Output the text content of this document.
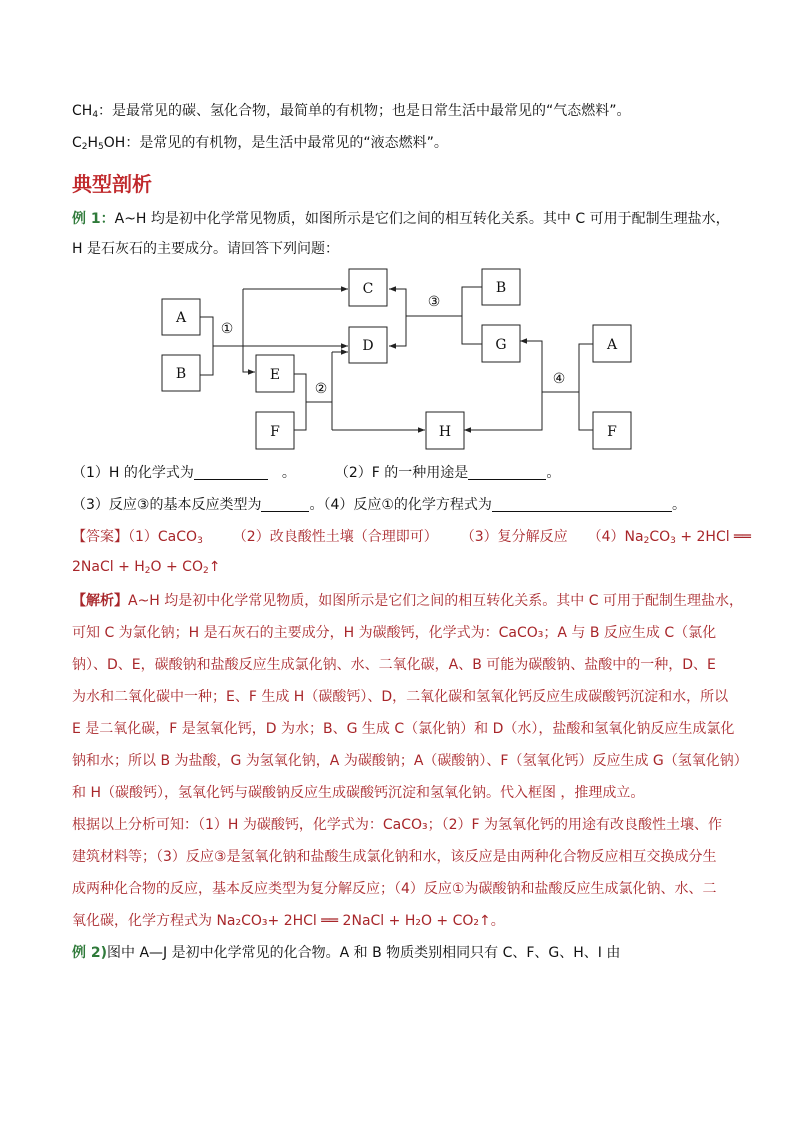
$CH_4$：是最常见的碳、氢化合物，最简单的有机物；也是日常生活中最常见的“气态燃料”。
$C_2H_5OH$：是常见的有机物，是生活中最常见的“液态燃料”。
典型剖析
例 1：A~H 均是初中化学常见物质，如图所示是它们之间的相互转化关系。其中 C 可用于配制生理盐水，
H 是石灰石的主要成分。请回答下列问题：
A
B
C
D
E
F	H
B
G	A
F
①
②
③
④
（1）H 的化学式为	。	（2）F 的一种用途是	。
（3）反应③的基本反应类型为	。（4）反应①的化学方程式为	。
【答案】（1）CaCO$_3$ （2）改良酸性土壤（合理即可） （3）复分解反应 $(4)Na_2CO_3 + 2HCl$ ══
2NaCl + $H_2O$ + $CO_2↑$
【解析】A~H 均是初中化学常见物质，如图所示是它们之间的相互转化关系。其中 C 可用于配制生理盐水，
可知 C 为氯化钠；H 是石灰石的主要成分，H 为碳酸钙，化学式为：CaCO₃；A 与 B 反应生成 C（氯化
钠）、D、E，碳酸钠和盐酸反应生成氯化钠、水、二氧化碳，A、B 可能为碳酸钠、盐酸中的一种，D、E
为水和二氧化碳中一种；E、F 生成 H（碳酸钙）、D，二氧化碳和氢氧化钙反应生成碳酸钙沉淀和水，所以
E 是二氧化碳，F 是氢氧化钙，D 为水；B、G 生成 C（氯化钠）和 D（水），盐酸和氢氧化钠反应生成氯化
钠和水；所以 B 为盐酸，G 为氢氧化钠，A 为碳酸钠；A（碳酸钠）、F（氢氧化钙）反应生成 G（氢氧化钠）
和 H（碳酸钙），氢氧化钙与碳酸钠反应生成碳酸钙沉淀和氢氧化钠。代入框图 ，推理成立。
根据以上分析可知：（1）H 为碳酸钙，化学式为：CaCO₃；（2）F 为氢氧化钙的用途有改良酸性土壤、作
建筑材料等；（3）反应③是氢氧化钠和盐酸生成氯化钠和水，该反应是由两种化合物反应相互交换成分生
成两种化合物的反应，基本反应类型为复分解反应；（4）反应①为碳酸钠和盐酸反应生成氯化钠、水、二
氧化碳，化学方程式为 Na₂CO₃+ 2HCl ══ 2NaCl + H₂O + CO₂↑。
例 2)图中 A—J 是初中化学常见的化合物。A 和 B 物质类别相同只有 C、F、G、H、I 由
